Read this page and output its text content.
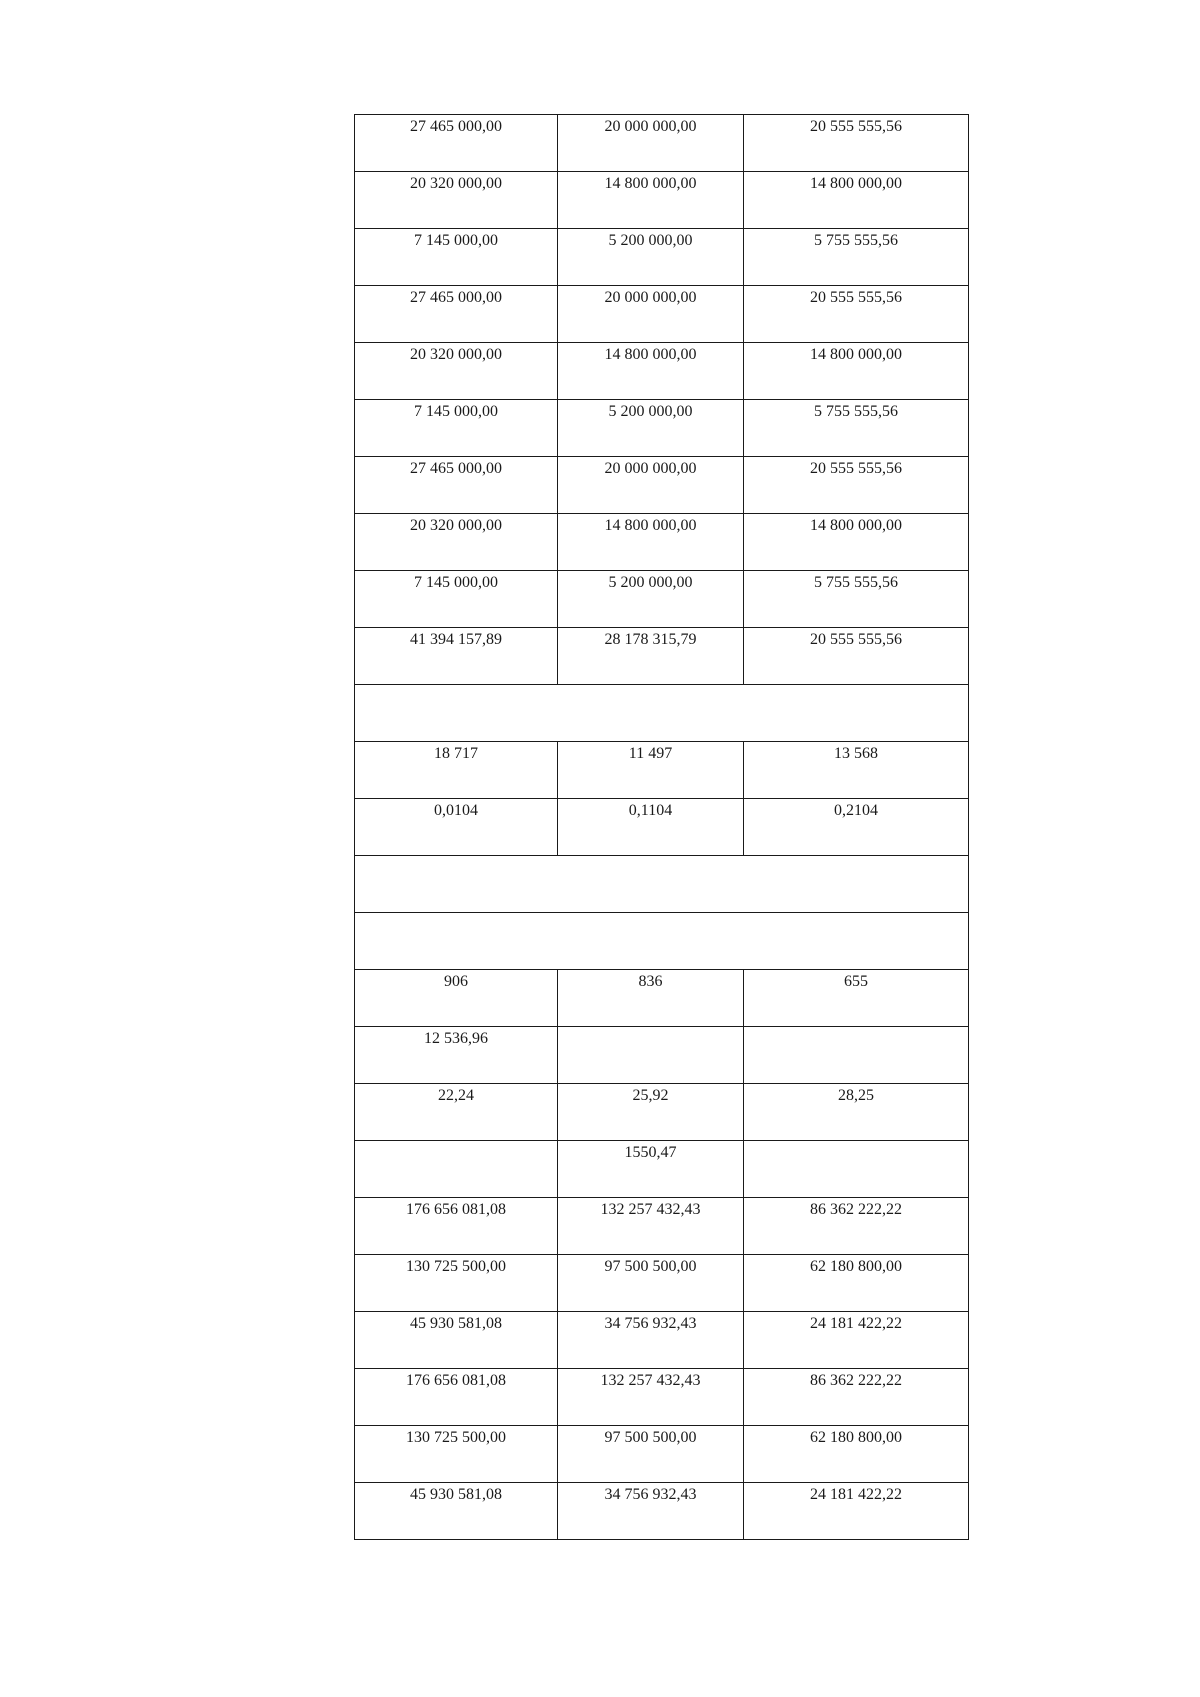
27 465 000,00	20 000 000,00	20 555 555,56

20 320 000,00	14 800 000,00	14 800 000,00

7 145 000,00	5 200 000,00	5 755 555,56

27 465 000,00	20 000 000,00	20 555 555,56

20 320 000,00	14 800 000,00	14 800 000,00

7 145 000,00	5 200 000,00	5 755 555,56

27 465 000,00	20 000 000,00	20 555 555,56

20 320 000,00	14 800 000,00	14 800 000,00

7 145 000,00	5 200 000,00	5 755 555,56

41 394 157,89	28 178 315,79	20 555 555,56

18 717	11 497	13 568

0,0104	0,1104	0,2104

906	836	655

12 536,96		

22,24	25,92	28,25

	1550,47	

176 656 081,08	132 257 432,43	86 362 222,22

130 725 500,00	97 500 500,00	62 180 800,00

45 930 581,08	34 756 932,43	24 181 422,22

176 656 081,08	132 257 432,43	86 362 222,22

130 725 500,00	97 500 500,00	62 180 800,00

45 930 581,08	34 756 932,43	24 181 422,22
